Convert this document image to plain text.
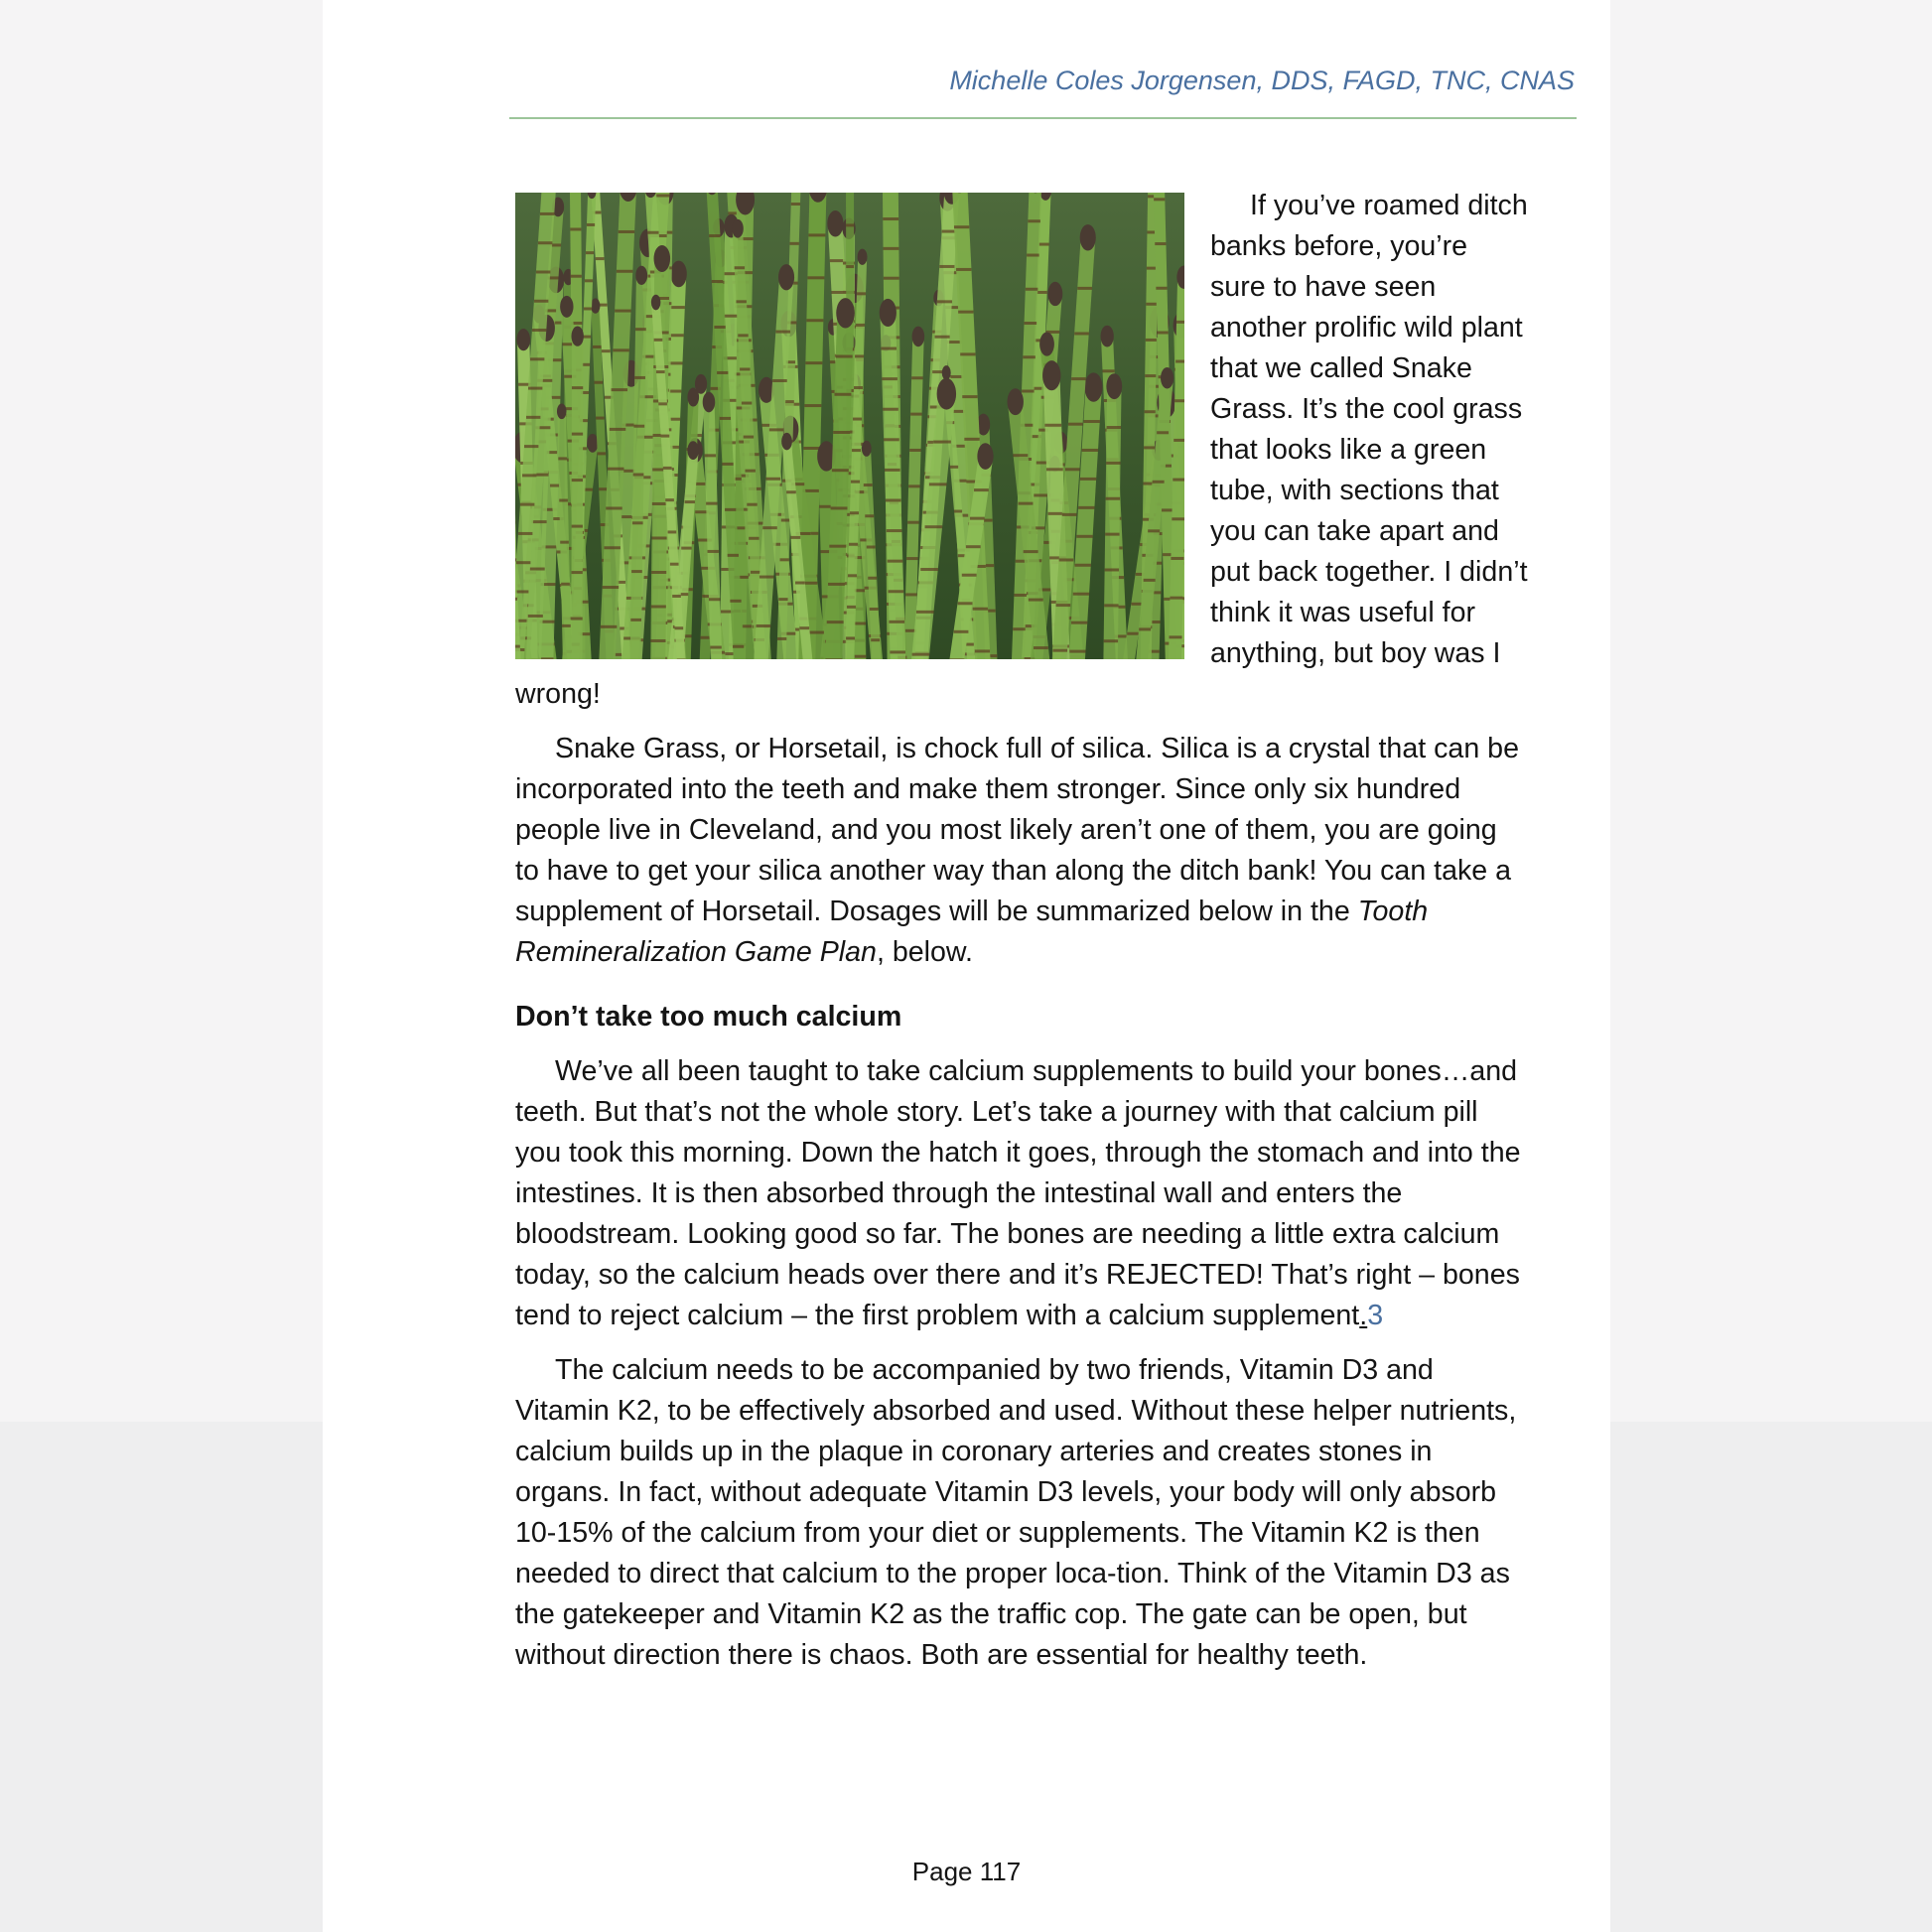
Michelle Coles Jorgensen, DDS, FAGD, TNC, CNAS

If you’ve roamed ditch banks before, you’re sure to have seen another prolific wild plant that we called Snake Grass. It’s the cool grass that looks like a green tube, with sections that you can take apart and put back together. I didn’t think it was useful for anything, but boy was I wrong!

Snake Grass, or Horsetail, is chock full of silica. Silica is a crystal that can be incorporated into the teeth and make them stronger. Since only six hundred people live in Cleveland, and you most likely aren’t one of them, you are going to have to get your silica another way than along the ditch bank! You can take a supplement of Horsetail. Dosages will be summarized below in the Tooth Remineralization Game Plan, below.

Don’t take too much calcium

We’ve all been taught to take calcium supplements to build your bones…and teeth. But that’s not the whole story. Let’s take a journey with that calcium pill you took this morning. Down the hatch it goes, through the stomach and into the intestines. It is then absorbed through the intestinal wall and enters the bloodstream. Looking good so far. The bones are needing a little extra calcium today, so the calcium heads over there and it’s REJECTED! That’s right – bones tend to reject calcium – the first problem with a calcium supplement.3

The calcium needs to be accompanied by two friends, Vitamin D3 and Vitamin K2, to be effectively absorbed and used. Without these helper nutrients, calcium builds up in the plaque in coronary arteries and creates stones in organs. In fact, without adequate Vitamin D3 levels, your body will only absorb 10-15% of the calcium from your diet or supplements. The Vitamin K2 is then needed to direct that calcium to the proper loca-tion. Think of the Vitamin D3 as the gatekeeper and Vitamin K2 as the traffic cop. The gate can be open, but without direction there is chaos. Both are essential for healthy teeth.

Page 117
